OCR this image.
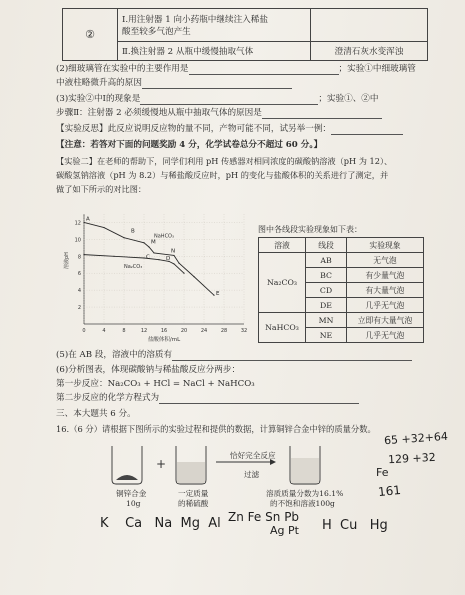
②	Ⅰ.用注射器 1 向小药瓶中继续注入稀盐
酸至较多气泡产生	

	Ⅱ.换注射器 2 从瓶中缓慢抽取气体	澄清石灰水变浑浊
(2)细玻璃管在实验中的主要作用是	；实验①中细玻璃管
中液柱略微升高的原因
(3)实验②中Ⅰ的现象是	；实验①、②中
步骤Ⅱ：注射器 2 必须缓慢地从瓶中抽取气体的原因是
【实验反思】此反应说明反应物的量不同，产物可能不同，试另举一例：
【注意：若答对下面的问题奖励 4 分，化学试卷总分不超过 60 分。】
【实验二】在老师的帮助下，同学们利用 pH 传感器对相同浓度的碳酸钠溶液（pH 为 12）、
碳酸氢钠溶液（pH 为 8.2）与稀盐酸反应时，pH 的变化与盐酸体积的关系进行了测定，并
做了如下所示的对比图：
0	4	8	12	16	20	24	28	32
2
4
6
8
10
12
A
B
C	D
E
M
N
溶液pH
盐酸体积/mL
NaHCO₃
Na₂CO₃
图中各线段实验现象如下表：
溶液	线段	实验现象
Na₂CO₃	AB	无气泡
	BC	有少量气泡
	CD	有大量气泡
	DE	几乎无气泡
NaHCO₃	MN	立即有大量气泡
	NE	几乎无气泡
(5)在 AB 段，溶液中的溶质有
(6)分析图表，体现碳酸钠与稀盐酸反应分两步：
第一步反应：Na₂CO₃ + HCl = NaCl + NaHCO₃
第二步反应的化学方程式为
三、本大题共 6 分。
16.（6 分）请根据下图所示的实验过程和提供的数据，计算铜锌合金中锌的质量分数。
+
铜锌合金
10g
一定质量
的稀硫酸
恰好完全反应
过滤
溶质质量分数为16.1%
的不饱和溶液100g
65 +32+64
129 +32
Fe
161
K Ca Na Mg Al Zn Fe Sn Pb
Ag Pt H Cu Hg
